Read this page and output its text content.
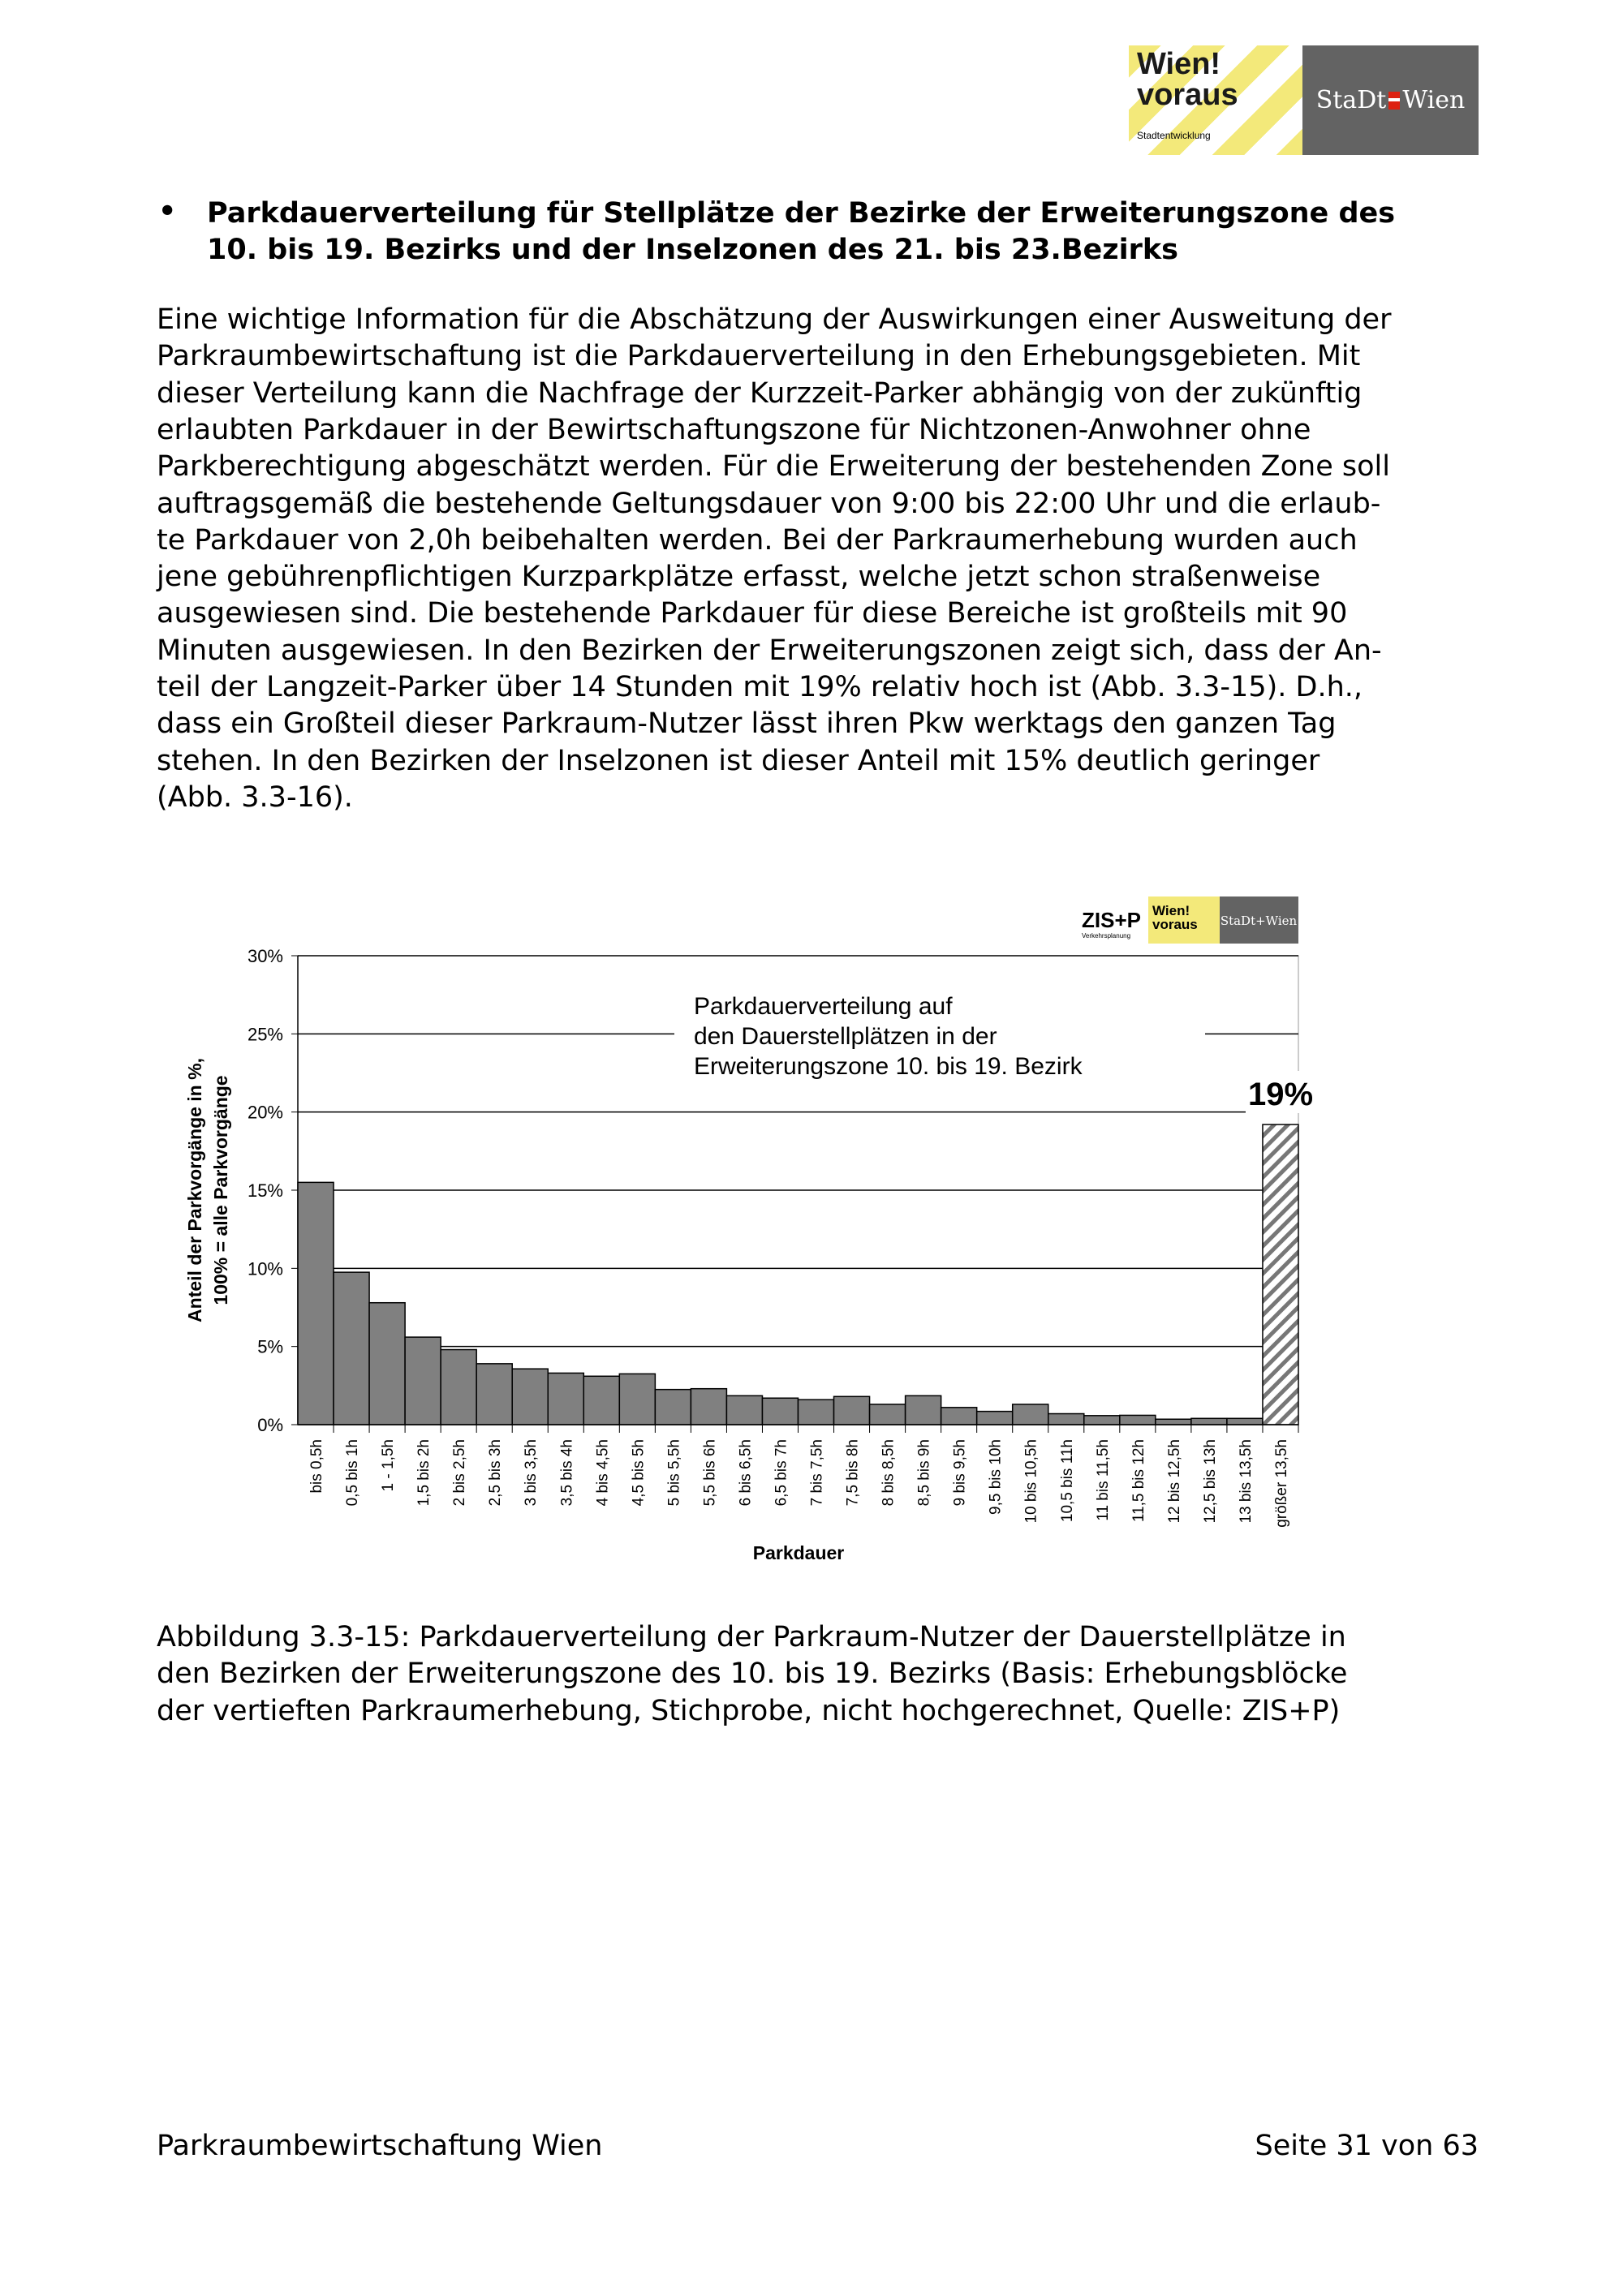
Wien!
voraus
Stadtentwicklung
StaDt Wien
• Parkdauerverteilung für Stellplätze der Bezirke der Erweiterungszone des
10. bis 19. Bezirks und der Inselzonen des 21. bis 23.Bezirks
Eine wichtige Information für die Abschätzung der Auswirkungen einer Ausweitung der
Parkraumbewirtschaftung ist die Parkdauerverteilung in den Erhebungsgebieten. Mit
dieser Verteilung kann die Nachfrage der Kurzzeit-Parker abhängig von der zukünftig
erlaubten Parkdauer in der Bewirtschaftungszone für Nichtzonen-Anwohner ohne
Parkberechtigung abgeschätzt werden. Für die Erweiterung der bestehenden Zone soll
auftragsgemäß die bestehende Geltungsdauer von 9:00 bis 22:00 Uhr und die erlaub-
te Parkdauer von 2,0h beibehalten werden. Bei der Parkraumerhebung wurden auch
jene gebührenpflichtigen Kurzparkplätze erfasst, welche jetzt schon straßenweise
ausgewiesen sind. Die bestehende Parkdauer für diese Bereiche ist großteils mit 90
Minuten ausgewiesen. In den Bezirken der Erweiterungszonen zeigt sich, dass der An-
teil der Langzeit-Parker über 14 Stunden mit 19% relativ hoch ist (Abb. 3.3-15). D.h.,
dass ein Großteil dieser Parkraum-Nutzer lässt ihren Pkw werktags den ganzen Tag
stehen. In den Bezirken der Inselzonen ist dieser Anteil mit 15% deutlich geringer
(Abb. 3.3-16).
0%
5%
10%
15%
20%
25%
30%
bis 0,5h 0,5 bis 1h 1 - 1,5h 1,5 bis 2h 2 bis 2,5h 2,5 bis 3h 3 bis 3,5h 3,5 bis 4h 4 bis 4,5h 4,5 bis 5h 5 bis 5,5h 5,5 bis 6h 6 bis 6,5h 6,5 bis 7h 7 bis 7,5h 7,5 bis 8h 8 bis 8,5h 8,5 bis 9h 9 bis 9,5h 9,5 bis 10h 10 bis 10,5h 10,5 bis 11h 11 bis 11,5h 11,5 bis 12h 12 bis 12,5h 12,5 bis 13h 13 bis 13,5h größer 13,5h
Parkdauerverteilung auf
den Dauerstellplätzen in der
Erweiterungszone 10. bis 19. Bezirk
19%
Parkdauer
Anteil der Parkvorgänge in %, 100% = alle Parkvorgänge
ZIS+P
Verkehrsplanung
Wien!
voraus StaDt+Wien
Abbildung 3.3-15: Parkdauerverteilung der Parkraum-Nutzer der Dauerstellplätze in
den Bezirken der Erweiterungszone des 10. bis 19. Bezirks (Basis: Erhebungsblöcke
der vertieften Parkraumerhebung, Stichprobe, nicht hochgerechnet, Quelle: ZIS+P)
Parkraumbewirtschaftung Wien	Seite 31 von 63
